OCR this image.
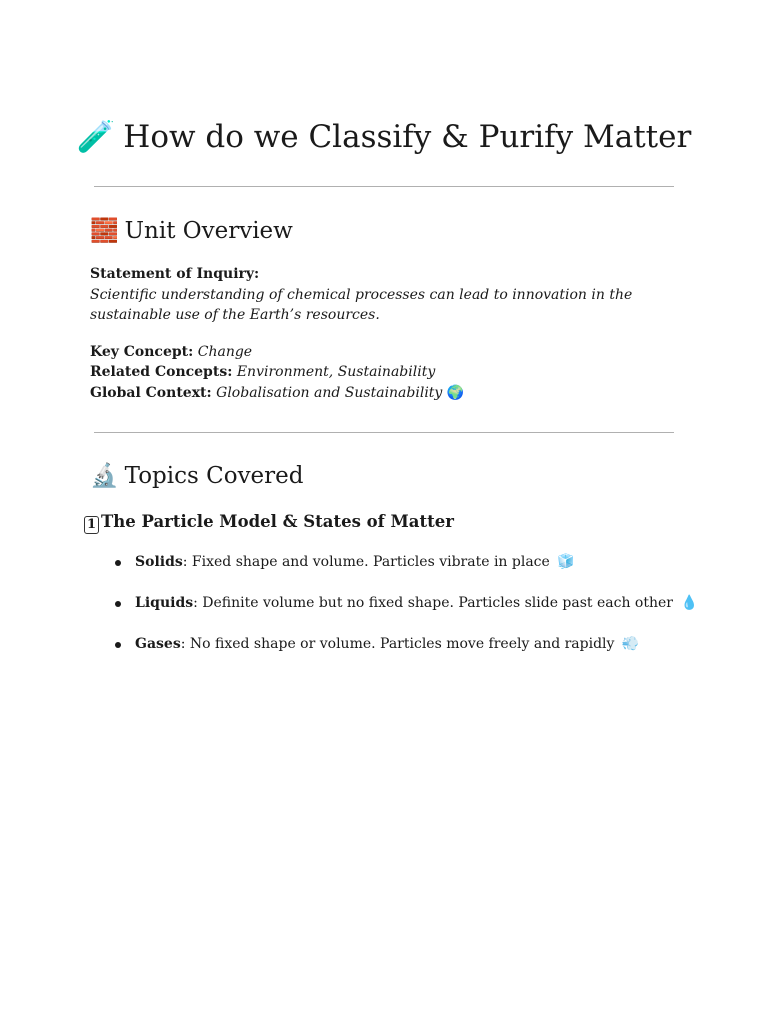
🧪 How do we Classify & Purify Matter
🧱 Unit Overview
Statement of Inquiry:
Scientific understanding of chemical processes can lead to innovation in the sustainable use of the Earth’s resources.
Key Concept: Change
Related Concepts: Environment, Sustainability
Global Context: Globalisation and Sustainability 🌍
🔬 Topics Covered
1 The Particle Model & States of Matter
Solids: Fixed shape and volume. Particles vibrate in place 🧊
Liquids: Definite volume but no fixed shape. Particles slide past each other 💧
Gases: No fixed shape or volume. Particles move freely and rapidly 💨
